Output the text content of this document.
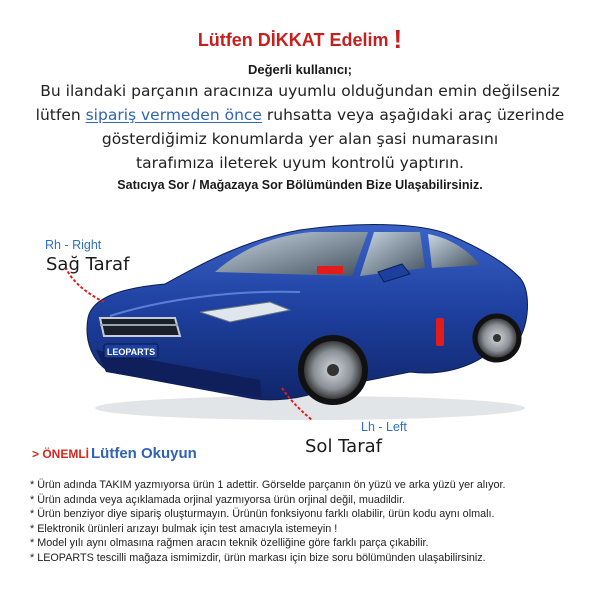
Lütfen DİKKAT Edelim !
Değerli kullanıcı;
Bu ilandaki parçanın aracınıza uyumlu olduğundan emin değilseniz
lütfen sipariş vermeden önce ruhsatta veya aşağıdaki araç üzerinde
gösterdiğimiz konumlarda yer alan şasi numarasını
tarafımıza ileterek uyum kontrolü yaptırın.
Satıcıya Sor / Mağazaya Sor Bölümünden Bize Ulaşabilirsiniz.
Rh - Right
Sağ Taraf
LEOPARTS
LEOPARTS
Lh - Left
Sol Taraf
> ÖNEMLİ Lütfen Okuyun
* Ürün adında TAKIM yazmıyorsa ürün 1 adettir. Görselde parçanın ön yüzü ve arka yüzü yer alıyor.
* Ürün adında veya açıklamada orjinal yazmıyorsa ürün orjinal değil, muadildir.
* Ürün benziyor diye sipariş oluşturmayın. Ürünün fonksiyonu farklı olabilir, ürün kodu aynı olmalı.
* Elektronik ürünleri arızayı bulmak için test amacıyla istemeyin !
* Model yılı aynı olmasına rağmen aracın teknik özelliğine göre farklı parça çıkabilir.
* LEOPARTS tescilli mağaza ismimizdir, ürün markası için bize soru bölümünden ulaşabilirsiniz.
